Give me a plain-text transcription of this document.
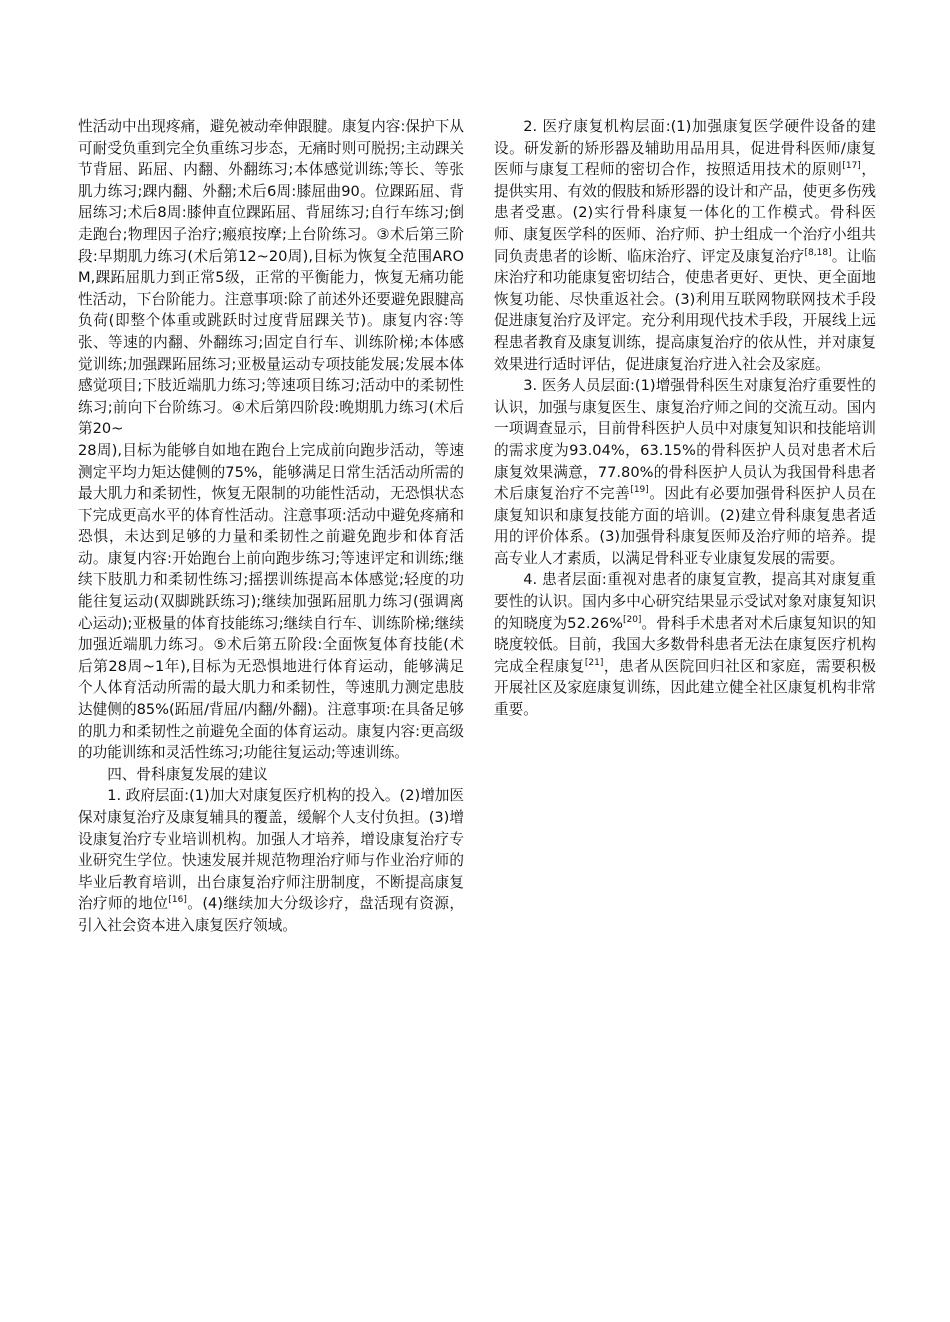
性活动中出现疼痛，避免被动牵伸跟腱。康复内容:保护下从可耐受负重到完全负重练习步态，无痛时则可脱拐;主动踝关节背屈、跖屈、内翻、外翻练习;本体感觉训练;等长、等张肌力练习;踝内翻、外翻;术后6周:膝屈曲90。位踝跖屈、背屈练习;术后8周:膝伸直位踝跖屈、背屈练习;自行车练习;倒走跑台;物理因子治疗;瘢痕按摩;上台阶练习。③术后第三阶段:早期肌力练习(术后第12~20周),目标为恢复全范围AROM,踝跖屈肌力到正常5级，正常的平衡能力，恢复无痛功能性活动，下台阶能力。注意事项:除了前述外还要避免跟腱高负荷(即整个体重或跳跃时过度背屈踝关节)。康复内容:等张、等速的内翻、外翻练习;固定自行车、训练阶梯;本体感觉训练;加强踝跖屈练习;亚极量运动专项技能发展;发展本体感觉项目;下肢近端肌力练习;等速项目练习;活动中的柔韧性练习;前向下台阶练习。④术后第四阶段:晚期肌力练习(术后第20~

28周),目标为能够自如地在跑台上完成前向跑步活动，等速测定平均力矩达健侧的75%，能够满足日常生活活动所需的最大肌力和柔韧性，恢复无限制的功能性活动，无恐惧状态下完成更高水平的体育性活动。注意事项:活动中避免疼痛和恐惧，未达到足够的力量和柔韧性之前避免跑步和体育活动。康复内容:开始跑台上前向跑步练习;等速评定和训练;继续下肢肌力和柔韧性练习;摇摆训练提高本体感觉;轻度的功能往复运动(双脚跳跃练习);继续加强跖屈肌力练习(强调离心运动);亚极量的体育技能练习;继续自行车、训练阶梯;继续加强近端肌力练习。⑤术后第五阶段:全面恢复体育技能(术后第28周~1年),目标为无恐惧地进行体育运动，能够满足个人体育活动所需的最大肌力和柔韧性，等速肌力测定患肢达健侧的85%(跖屈/背屈/内翻/外翻)。注意事项:在具备足够的肌力和柔韧性之前避免全面的体育运动。康复内容:更高级的功能训练和灵活性练习;功能往复运动;等速训练。

四、骨科康复发展的建议

1. 政府层面:(1)加大对康复医疗机构的投入。(2)增加医保对康复治疗及康复辅具的覆盖，缓解个人支付负担。(3)增设康复治疗专业培训机构。加强人才培养，增设康复治疗专业研究生学位。快速发展并规范物理治疗师与作业治疗师的毕业后教育培训，出台康复治疗师注册制度，不断提高康复治疗师的地位[16]。(4)继续加大分级诊疗，盘活现有资源，引入社会资本进入康复医疗领域。

2. 医疗康复机构层面:(1)加强康复医学硬件设备的建设。研发新的矫形器及辅助用品用具，促进骨科医师/康复医师与康复工程师的密切合作，按照适用技术的原则[17]，提供实用、有效的假肢和矫形器的设计和产品，使更多伤残患者受惠。(2)实行骨科康复一体化的工作模式。骨科医师、康复医学科的医师、治疗师、护士组成一个治疗小组共同负责患者的诊断、临床治疗、评定及康复治疗[8,18]。让临床治疗和功能康复密切结合，使患者更好、更快、更全面地恢复功能、尽快重返社会。(3)利用互联网物联网技术手段促进康复治疗及评定。充分利用现代技术手段，开展线上远程患者教育及康复训练，提高康复治疗的依从性，并对康复效果进行适时评估，促进康复治疗进入社会及家庭。

3. 医务人员层面:(1)增强骨科医生对康复治疗重要性的认识，加强与康复医生、康复治疗师之间的交流互动。国内一项调查显示，目前骨科医护人员中对康复知识和技能培训的需求度为93.04%，63.15%的骨科医护人员对患者术后康复效果满意，77.80%的骨科医护人员认为我国骨科患者术后康复治疗不完善[19]。因此有必要加强骨科医护人员在康复知识和康复技能方面的培训。(2)建立骨科康复患者适用的评价体系。(3)加强骨科康复医师及治疗师的培养。提高专业人才素质，以满足骨科亚专业康复发展的需要。

4. 患者层面:重视对患者的康复宣教，提高其对康复重要性的认识。国内多中心研究结果显示受试对象对康复知识的知晓度为52.26%[20]。骨科手术患者对术后康复知识的知晓度较低。目前，我国大多数骨科患者无法在康复医疗机构完成全程康复[21]，患者从医院回归社区和家庭，需要积极开展社区及家庭康复训练，因此建立健全社区康复机构非常重要。
